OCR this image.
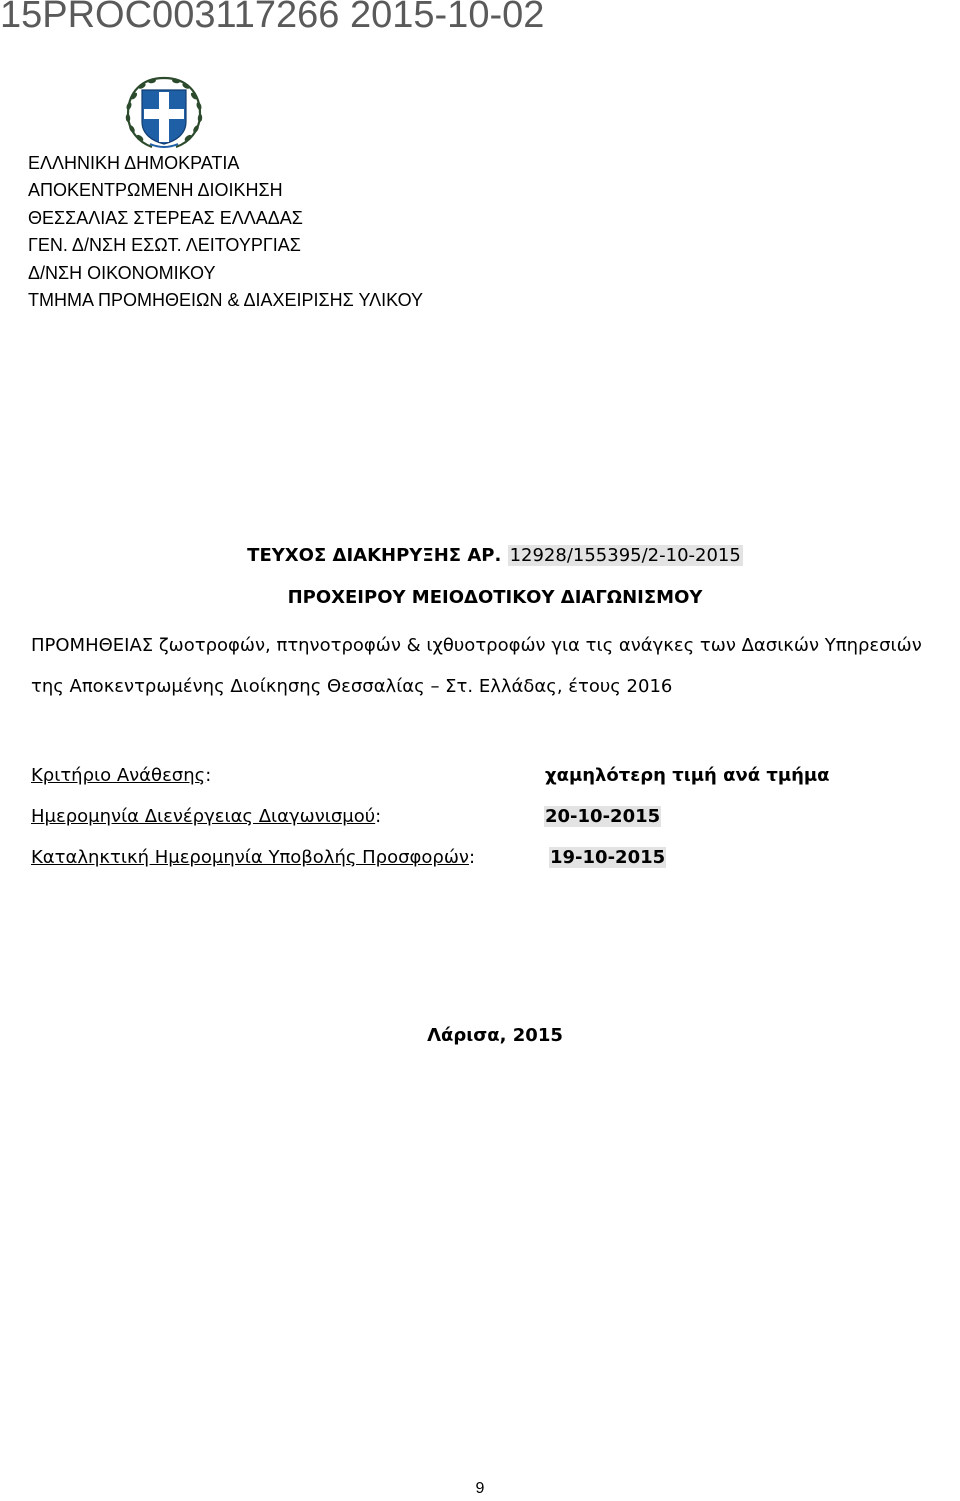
15PROC003117266 2015-10-02
ΕΛΛΗΝΙΚΗ ΔΗΜΟΚΡΑΤΙΑ
ΑΠΟΚΕΝΤΡΩΜΕΝΗ ΔΙΟΙΚΗΣΗ
ΘΕΣΣΑΛΙΑΣ ΣΤΕΡΕΑΣ ΕΛΛΑΔΑΣ
ΓΕΝ. Δ/ΝΣΗ ΕΣΩΤ. ΛΕΙΤΟΥΡΓΙΑΣ
Δ/ΝΣΗ ΟΙΚΟΝΟΜΙΚΟΥ
ΤΜΗΜΑ ΠΡΟΜΗΘΕΙΩΝ & ΔΙΑΧΕΙΡΙΣΗΣ ΥΛΙΚΟΥ
ΤΕΥΧΟΣ ΔΙΑΚΗΡΥΞΗΣ ΑΡ. 12928/155395/2-10-2015
ΠΡΟΧΕΙΡΟΥ ΜΕΙΟΔΟΤΙΚΟΥ ΔΙΑΓΩΝΙΣΜΟΥ
ΠΡΟΜΗΘΕΙΑΣ ζωοτροφών, πτηνοτροφών & ιχθυοτροφών για τις ανάγκες των Δασικών Υπηρεσιών
της Αποκεντρωμένης Διοίκησης Θεσσαλίας – Στ. Ελλάδας, έτους 2016
Κριτήριο Ανάθεσης:	χαμηλότερη τιμή ανά τμήμα
Ημερομηνία Διενέργειας Διαγωνισμού:	20-10-2015
Καταληκτική Ημερομηνία Υποβολής Προσφορών:	19-10-2015
Λάρισα, 2015
9
